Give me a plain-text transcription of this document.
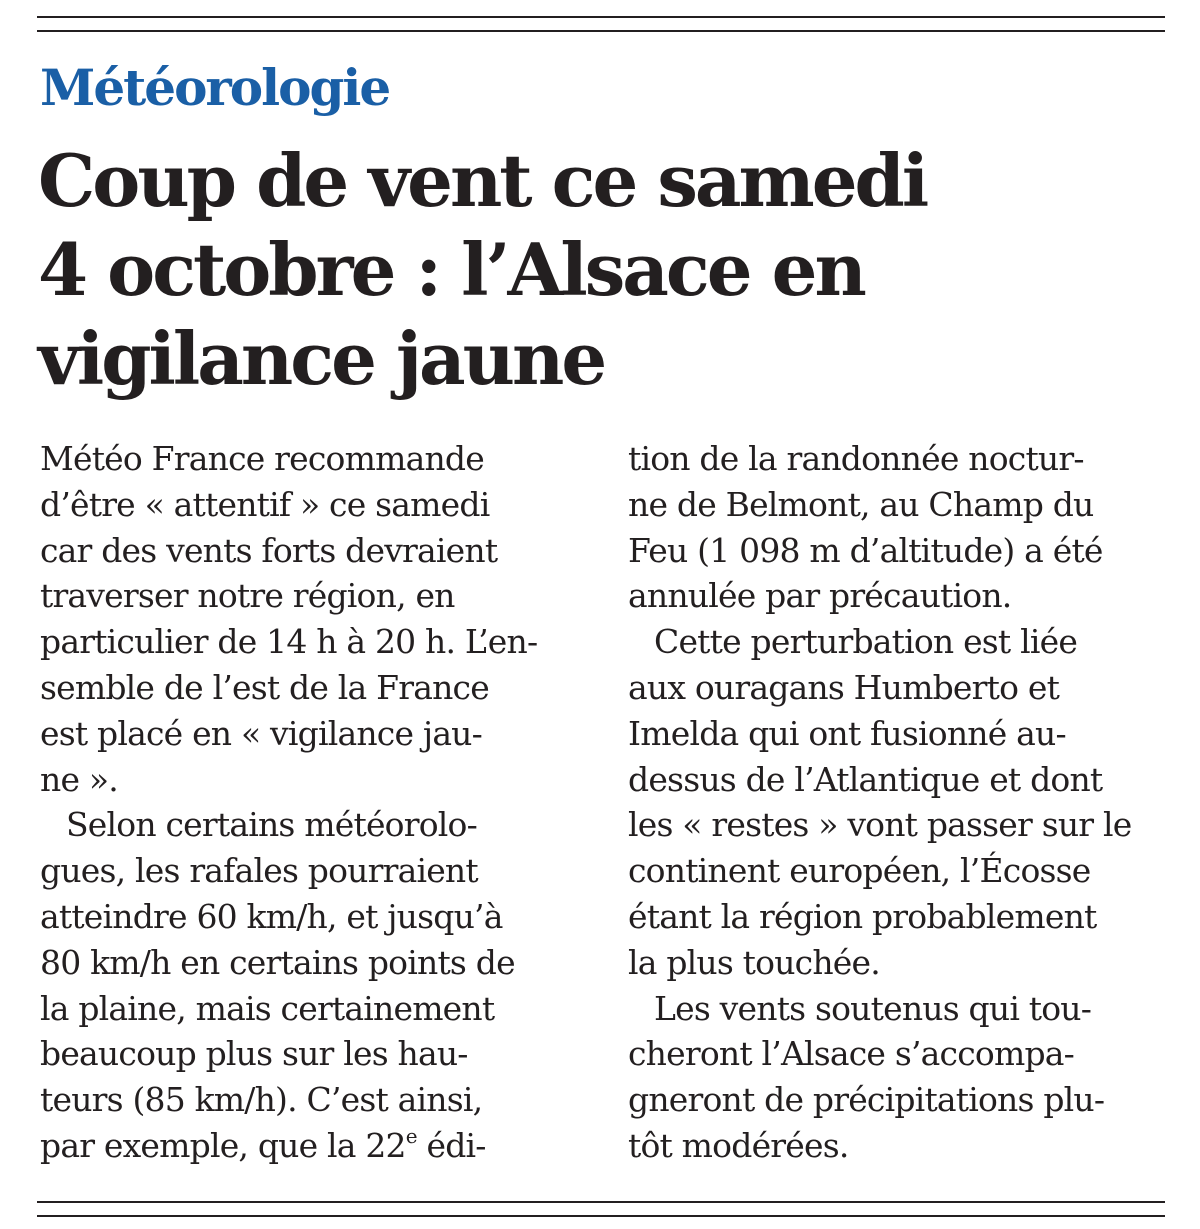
Météorologie
Coup de vent ce samedi
4 octobre : l’Alsace en
vigilance jaune
Météo France recommande
d’être « attentif » ce samedi
car des vents forts devraient
traverser notre région, en
particulier de 14 h à 20 h. L’en-
semble de l’est de la France
est placé en « vigilance jau-
ne ».
Selon certains météorolo-
gues, les rafales pourraient
atteindre 60 km/h, et jusqu’à
80 km/h en certains points de
la plaine, mais certainement
beaucoup plus sur les hau-
teurs (85 km/h). C’est ainsi,
par exemple, que la 22e édi-
tion de la randonnée noctur-
ne de Belmont, au Champ du
Feu (1 098 m d’altitude) a été
annulée par précaution.
Cette perturbation est liée
aux ouragans Humberto et
Imelda qui ont fusionné au-
dessus de l’Atlantique et dont
les « restes » vont passer sur le
continent européen, l’Écosse
étant la région probablement
la plus touchée.
Les vents soutenus qui tou-
cheront l’Alsace s’accompa-
gneront de précipitations plu-
tôt modérées.
